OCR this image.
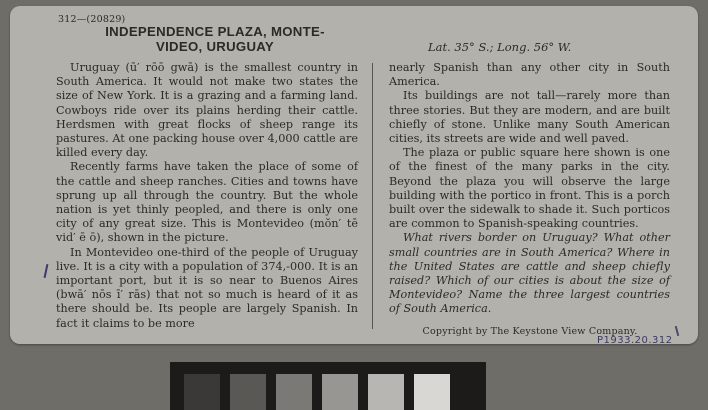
312—(20829)
INDEPENDENCE PLAZA, MONTE-
VIDEO, URUGUAY	Lat. 35° S.; Long. 56° W.

Uruguay (ū′ rōō gwā) is the smallest country in South America. It would not make two states the size of New York. It is a grazing and a farming land. Cowboys ride over its plains herding their cattle. Herdsmen with great flocks of sheep range its pastures. At one packing house over 4,000 cattle are killed every day.

Recently farms have taken the place of some of the cattle and sheep ranches. Cities and towns have sprung up all through the country. But the whole nation is yet thinly peopled, and there is only one city of any great size. This is Montevideo (mŏn′ tē vid′ ē ō), shown in the picture.

In Montevideo one-third of the people of Uruguay live. It is a city with a population of 374,-000. It is an important port, but it is so near to Buenos Aires (bwā′ nōs ī′ rās) that not so much is heard of it as there should be. Its people are largely Spanish. In fact it claims to be more

nearly Spanish than any other city in South America.

Its buildings are not tall—rarely more than three stories. But they are modern, and are built chiefly of stone. Unlike many South American cities, its streets are wide and well paved.

The plaza or public square here shown is one of the finest of the many parks in the city. Beyond the plaza you will observe the large building with the portico in front. This is a porch built over the sidewalk to shade it. Such porticos are common to Spanish-speaking countries.

What rivers border on Uruguay? What other small countries are in South America? Where in the United States are cattle and sheep chiefly raised? Which of our cities is about the size of Montevideo? Name the three largest countries of South America.

Copyright by The Keystone View Company.
P1933.20.312
